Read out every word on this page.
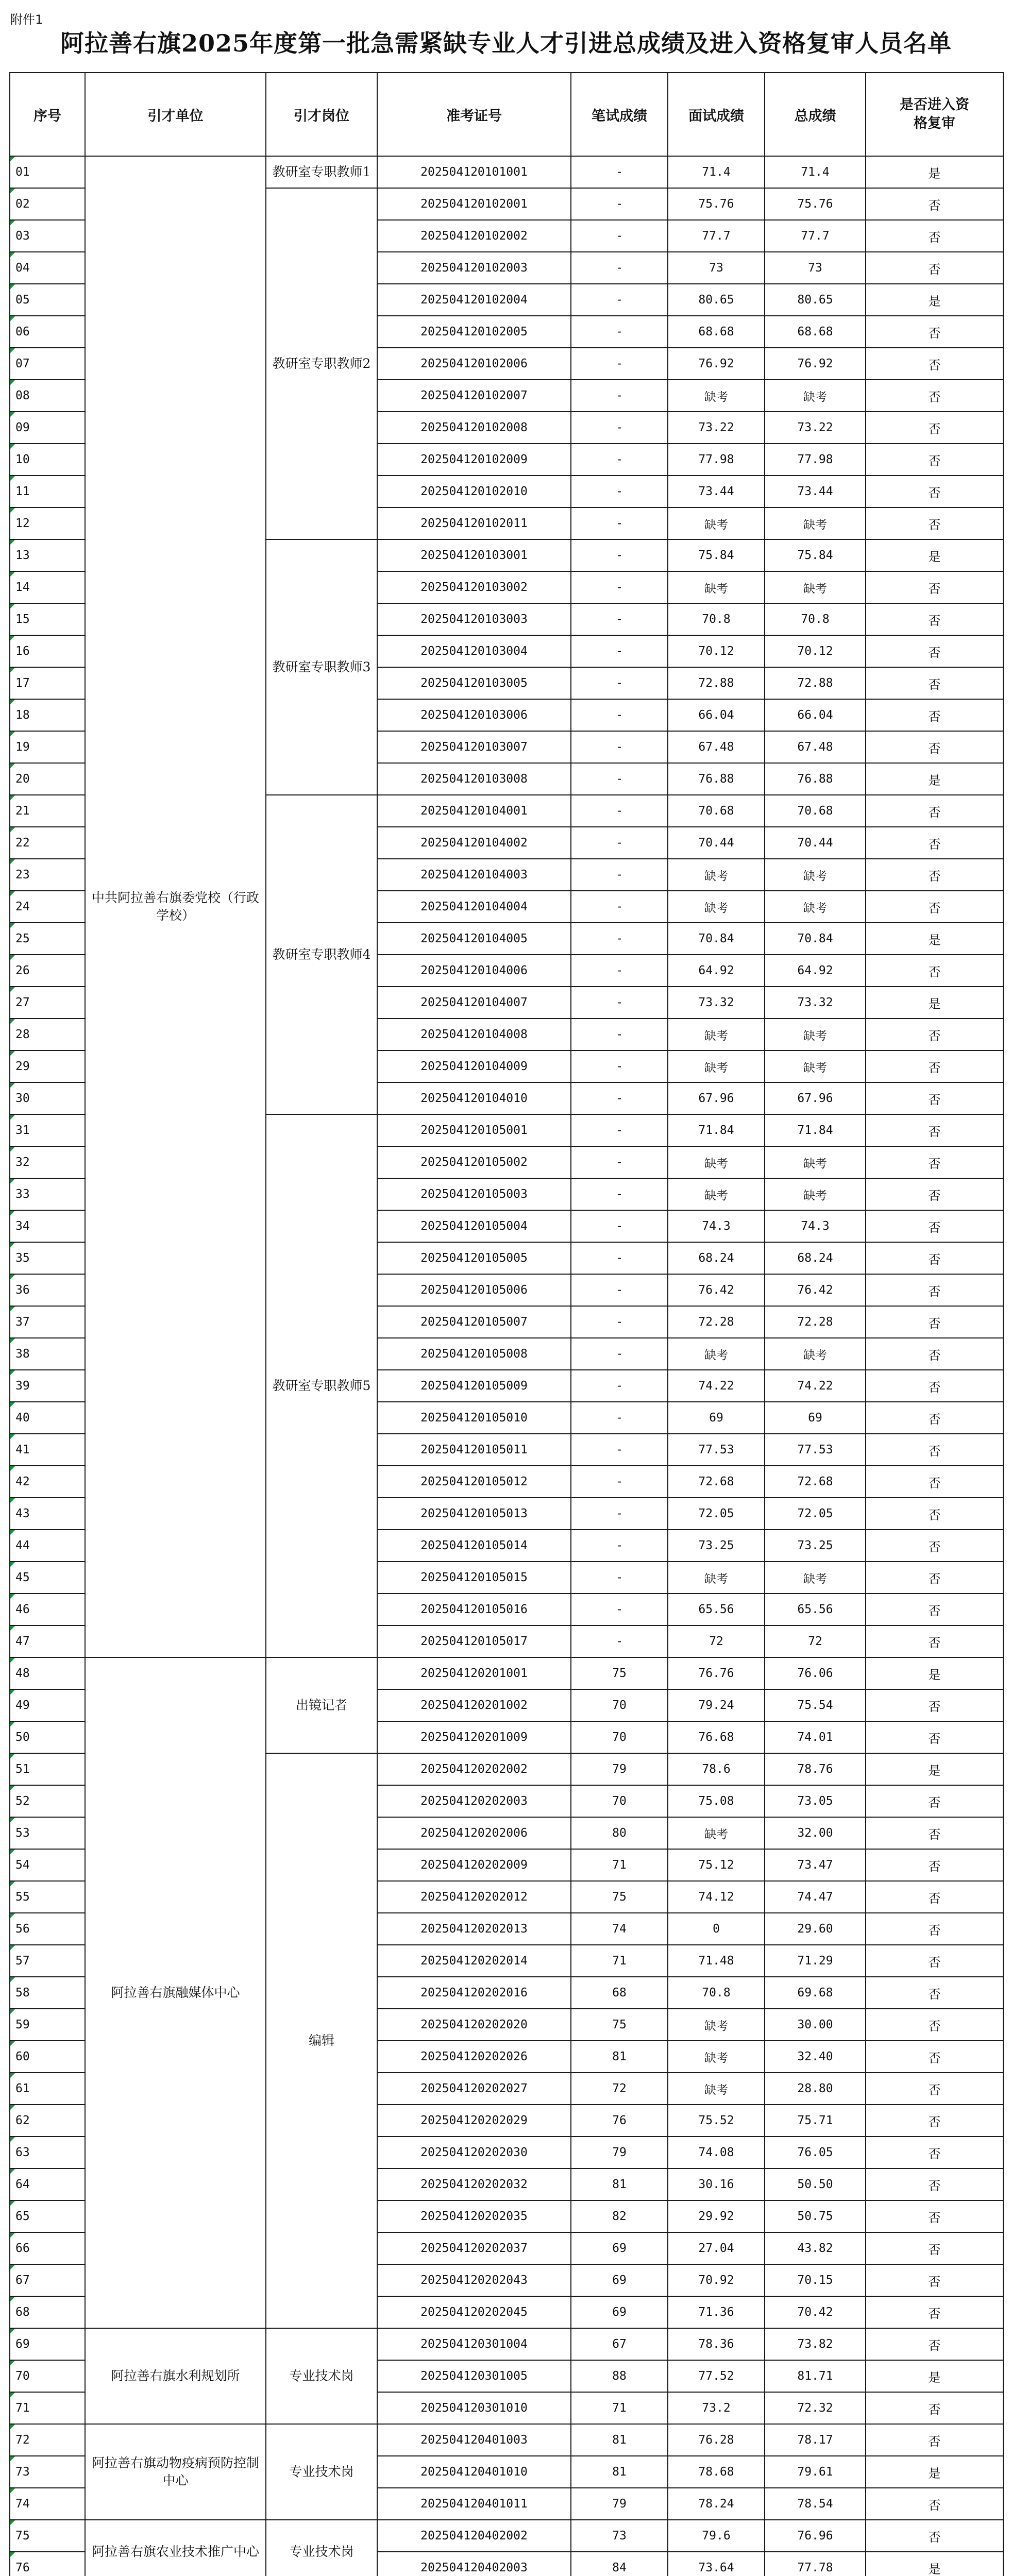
附件1
阿拉善右旗2025年度第一批急需紧缺专业人才引进总成绩及进入资格复审人员名单
序号	引才单位	引才岗位	准考证号	笔试成绩	面试成绩	总成绩	是否进入资格复审
01	中共阿拉善右旗委党校（行政学校）	教研室专职教师1	202504120101001	-	71.4	71.4	是
02		教研室专职教师2	202504120102001	-	75.76	75.76	否
03			202504120102002	-	77.7	77.7	否
04			202504120102003	-	73	73	否
05			202504120102004	-	80.65	80.65	是
06			202504120102005	-	68.68	68.68	否
07			202504120102006	-	76.92	76.92	否
08			202504120102007	-	缺考	缺考	否
09			202504120102008	-	73.22	73.22	否
10			202504120102009	-	77.98	77.98	否
11			202504120102010	-	73.44	73.44	否
12			202504120102011	-	缺考	缺考	否
13		教研室专职教师3	202504120103001	-	75.84	75.84	是
14			202504120103002	-	缺考	缺考	否
15			202504120103003	-	70.8	70.8	否
16			202504120103004	-	70.12	70.12	否
17			202504120103005	-	72.88	72.88	否
18			202504120103006	-	66.04	66.04	否
19			202504120103007	-	67.48	67.48	否
20			202504120103008	-	76.88	76.88	是
21		教研室专职教师4	202504120104001	-	70.68	70.68	否
22			202504120104002	-	70.44	70.44	否
23			202504120104003	-	缺考	缺考	否
24			202504120104004	-	缺考	缺考	否
25			202504120104005	-	70.84	70.84	是
26			202504120104006	-	64.92	64.92	否
27			202504120104007	-	73.32	73.32	是
28			202504120104008	-	缺考	缺考	否
29			202504120104009	-	缺考	缺考	否
30			202504120104010	-	67.96	67.96	否
31		教研室专职教师5	202504120105001	-	71.84	71.84	否
32			202504120105002	-	缺考	缺考	否
33			202504120105003	-	缺考	缺考	否
34			202504120105004	-	74.3	74.3	否
35			202504120105005	-	68.24	68.24	否
36			202504120105006	-	76.42	76.42	否
37			202504120105007	-	72.28	72.28	否
38			202504120105008	-	缺考	缺考	否
39			202504120105009	-	74.22	74.22	否
40			202504120105010	-	69	69	否
41			202504120105011	-	77.53	77.53	否
42			202504120105012	-	72.68	72.68	否
43			202504120105013	-	72.05	72.05	否
44			202504120105014	-	73.25	73.25	否
45			202504120105015	-	缺考	缺考	否
46			202504120105016	-	65.56	65.56	否
47			202504120105017	-	72	72	否
48	阿拉善右旗融媒体中心	出镜记者	202504120201001	75	76.76	76.06	是
49			202504120201002	70	79.24	75.54	否
50			202504120201009	70	76.68	74.01	否
51		编辑	202504120202002	79	78.6	78.76	是
52			202504120202003	70	75.08	73.05	否
53			202504120202006	80	缺考	32.00	否
54			202504120202009	71	75.12	73.47	否
55			202504120202012	75	74.12	74.47	否
56			202504120202013	74	0	29.60	否
57			202504120202014	71	71.48	71.29	否
58			202504120202016	68	70.8	69.68	否
59			202504120202020	75	缺考	30.00	否
60			202504120202026	81	缺考	32.40	否
61			202504120202027	72	缺考	28.80	否
62			202504120202029	76	75.52	75.71	否
63			202504120202030	79	74.08	76.05	否
64			202504120202032	81	30.16	50.50	否
65			202504120202035	82	29.92	50.75	否
66			202504120202037	69	27.04	43.82	否
67			202504120202043	69	70.92	70.15	否
68			202504120202045	69	71.36	70.42	否
69	阿拉善右旗水利规划所	专业技术岗	202504120301004	67	78.36	73.82	否
70			202504120301005	88	77.52	81.71	是
71			202504120301010	71	73.2	72.32	否
72	阿拉善右旗动物疫病预防控制中心	专业技术岗	202504120401003	81	76.28	78.17	否
73			202504120401010	81	78.68	79.61	是
74			202504120401011	79	78.24	78.54	否
75	阿拉善右旗农业技术推广中心	专业技术岗	202504120402002	73	79.6	76.96	否
76			202504120402003	84	73.64	77.78	是
